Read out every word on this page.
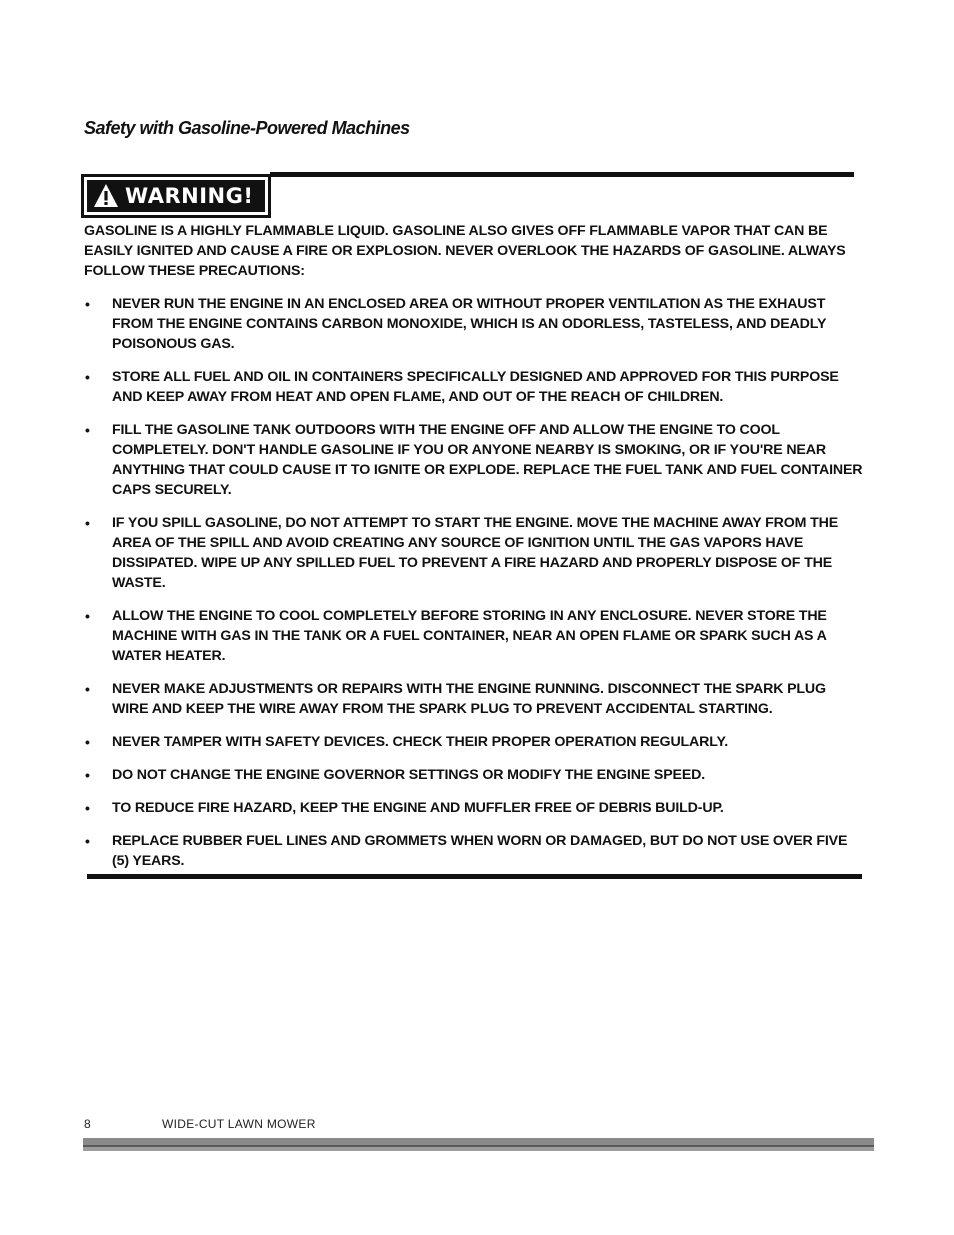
Safety with Gasoline-Powered Machines
WARNING!

GASOLINE IS A HIGHLY FLAMMABLE LIQUID. GASOLINE ALSO GIVES OFF FLAMMABLE VAPOR THAT CAN BE EASILY IGNITED AND CAUSE A FIRE OR EXPLOSION. NEVER OVERLOOK THE HAZARDS OF GASOLINE. ALWAYS FOLLOW THESE PRECAUTIONS:

• NEVER RUN THE ENGINE IN AN ENCLOSED AREA OR WITHOUT PROPER VENTILATION AS THE EXHAUST FROM THE ENGINE CONTAINS CARBON MONOXIDE, WHICH IS AN ODORLESS, TASTELESS, AND DEADLY POISONOUS GAS.
• STORE ALL FUEL AND OIL IN CONTAINERS SPECIFICALLY DESIGNED AND APPROVED FOR THIS PURPOSE AND KEEP AWAY FROM HEAT AND OPEN FLAME, AND OUT OF THE REACH OF CHILDREN.
• FILL THE GASOLINE TANK OUTDOORS WITH THE ENGINE OFF AND ALLOW THE ENGINE TO COOL COMPLETELY. DON'T HANDLE GASOLINE IF YOU OR ANYONE NEARBY IS SMOKING, OR IF YOU'RE NEAR ANYTHING THAT COULD CAUSE IT TO IGNITE OR EXPLODE. REPLACE THE FUEL TANK AND FUEL CONTAINER CAPS SECURELY.
• IF YOU SPILL GASOLINE, DO NOT ATTEMPT TO START THE ENGINE. MOVE THE MACHINE AWAY FROM THE AREA OF THE SPILL AND AVOID CREATING ANY SOURCE OF IGNITION UNTIL THE GAS VAPORS HAVE DISSIPATED. WIPE UP ANY SPILLED FUEL TO PREVENT A FIRE HAZARD AND PROPERLY DISPOSE OF THE WASTE.
• ALLOW THE ENGINE TO COOL COMPLETELY BEFORE STORING IN ANY ENCLOSURE. NEVER STORE THE MACHINE WITH GAS IN THE TANK OR A FUEL CONTAINER, NEAR AN OPEN FLAME OR SPARK SUCH AS A WATER HEATER.
• NEVER MAKE ADJUSTMENTS OR REPAIRS WITH THE ENGINE RUNNING. DISCONNECT THE SPARK PLUG WIRE AND KEEP THE WIRE AWAY FROM THE SPARK PLUG TO PREVENT ACCIDENTAL STARTING.
• NEVER TAMPER WITH SAFETY DEVICES. CHECK THEIR PROPER OPERATION REGULARLY.
• DO NOT CHANGE THE ENGINE GOVERNOR SETTINGS OR MODIFY THE ENGINE SPEED.
• TO REDUCE FIRE HAZARD, KEEP THE ENGINE AND MUFFLER FREE OF DEBRIS BUILD-UP.
• REPLACE RUBBER FUEL LINES AND GROMMETS WHEN WORN OR DAMAGED, BUT DO NOT USE OVER FIVE (5) YEARS.
8	WIDE-CUT LAWN MOWER
